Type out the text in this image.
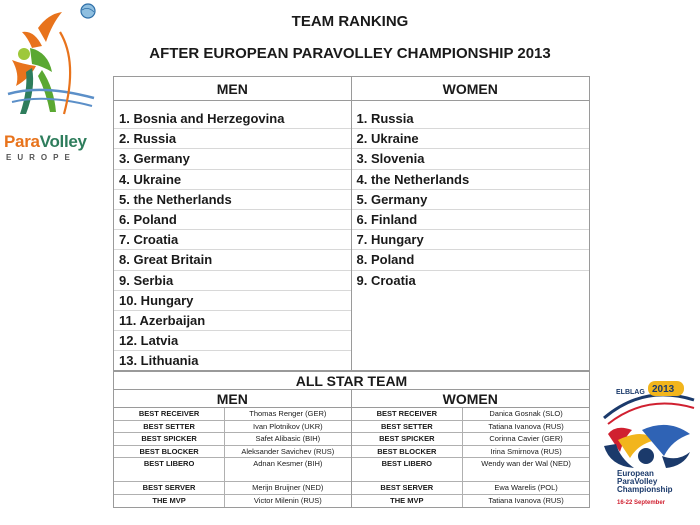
ParaVolley
EUROPE
TEAM RANKING
AFTER EUROPEAN PARAVOLLEY CHAMPIONSHIP 2013
MEN	WOMEN
1. Bosnia and Herzegovina
2. Russia
3. Germany
4. Ukraine
5. the Netherlands
6. Poland
7. Croatia
8. Great Britain
9. Serbia
10. Hungary
11. Azerbaijan
12. Latvia
13. Lithuania
1. Russia
2. Ukraine
3. Slovenia
4. the Netherlands
5. Germany
6. Finland
7. Hungary
8. Poland
9. Croatia
ALL STAR TEAM
MEN	WOMEN
BEST RECEIVER	Thomas Renger (GER)
BEST SETTER	Ivan Plotnikov (UKR)
BEST SPICKER	Safet Alibasic (BIH)
BEST BLOCKER	Aleksander Savichev (RUS)
BEST LIBERO	Adnan Kesmer (BIH)
BEST SERVER	Merijn Bruijner (NED)
THE MVP	Victor Milenin (RUS)
BEST RECEIVER	Danica Gosnak (SLO)
BEST SETTER	Tatiana Ivanova (RUS)
BEST SPICKER	Corinna Cavier (GER)
BEST BLOCKER	Irina Smirnova (RUS)
BEST LIBERO	Wendy wan der Wal (NED)
BEST SERVER	Ewa Warelis (POL)
THE MVP	Tatiana Ivanova (RUS)
ELBLAG 2013
European
ParaVolley
Championship
16-22 September
